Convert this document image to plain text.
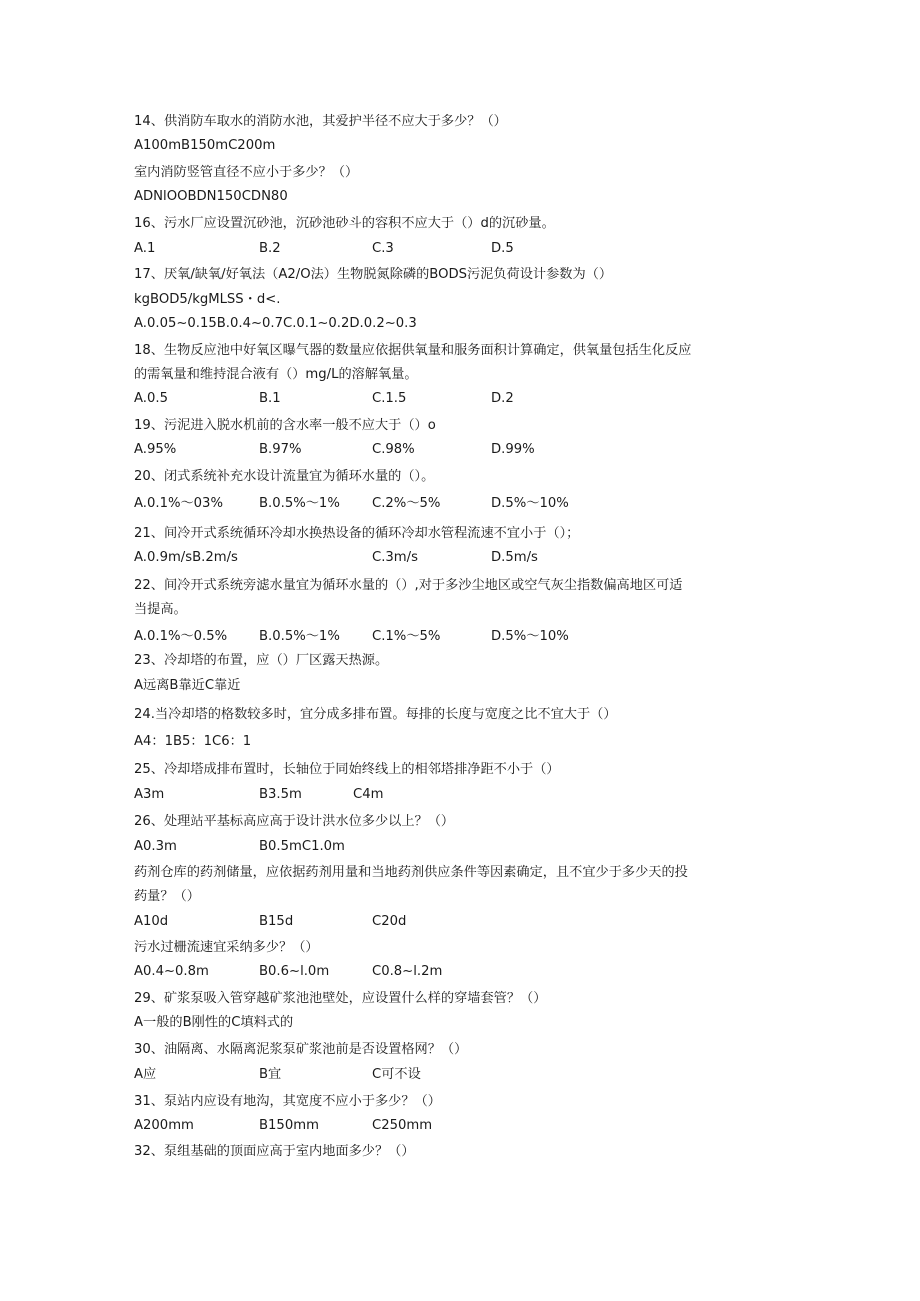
14、供消防车取水的消防水池，其爱护半径不应大于多少？（）
A100mB150mC200m
室内消防竖管直径不应小于多少？（）
ADNlOOBDN150CDN80
16、污水厂应设置沉砂池，沉砂池砂斗的容积不应大于（）d的沉砂量。
A.1	B.2	C.3	D.5
17、厌氧/缺氧/好氧法（A2/O法）生物脱氮除磷的BODS污泥负荷设计参数为（）
kgBOD5/kgMLSS・d<.
A.0.05~0.15B.0.4~0.7C.0.1~0.2D.0.2~0.3
18、生物反应池中好氧区曝气器的数量应依据供氧量和服务面积计算确定，供氧量包括生化反应
的需氧量和维持混合液有（）mg/L的溶解氧量。
A.0.5	B.1	C.1.5	D.2
19、污泥进入脱水机前的含水率一般不应大于（）o
A.95%	B.97%	C.98%	D.99%
20、闭式系统补充水设计流量宜为循环水量的（）。
A.0.1%～03%	B.0.5%～1% C.2%～5%	D.5%～10%
21、间冷开式系统循环冷却水换热设备的循环冷却水管程流速不宜小于（）；
A.0.9m/sB.2m/s	C.3m/s	D.5m/s
22、间冷开式系统旁滤水量宜为循环水量的（）,对于多沙尘地区或空气灰尘指数偏高地区可适
当提高。
A.0.1%～0.5% B.0.5%～1% C.1%～5%	D.5%～10%
23、冷却塔的布置，应（）厂区露天热源。
A远离B靠近C靠近
24.当冷却塔的格数较多时，宜分成多排布置。每排的长度与宽度之比不宜大于（）
A4：1B5：1C6：1
25、冷却塔成排布置时，长轴位于同始终线上的相邻塔排净距不小于（）
A3m	B3.5m	C4m
26、处理站平基标高应高于设计洪水位多少以上？（）
A0.3m	B0.5mC1.0m
药剂仓库的药剂储量，应依据药剂用量和当地药剂供应条件等因素确定，且不宜少于多少天的投
药量？（）
A10d	B15d	C20d
污水过栅流速宜采纳多少？（）
A0.4~0.8m	B0.6~l.0m	C0.8~l.2m
29、矿浆泵吸入管穿越矿浆池池壁处，应设置什么样的穿墙套管？（）
A一般的B刚性的C填料式的
30、油隔离、水隔离泥浆泵矿浆池前是否设置格网？（）
A应	B宜	C可不设
31、泵站内应设有地沟，其宽度不应小于多少？（）
A200mm	B150mm	C250mm
32、泵组基础的顶面应高于室内地面多少？（）
